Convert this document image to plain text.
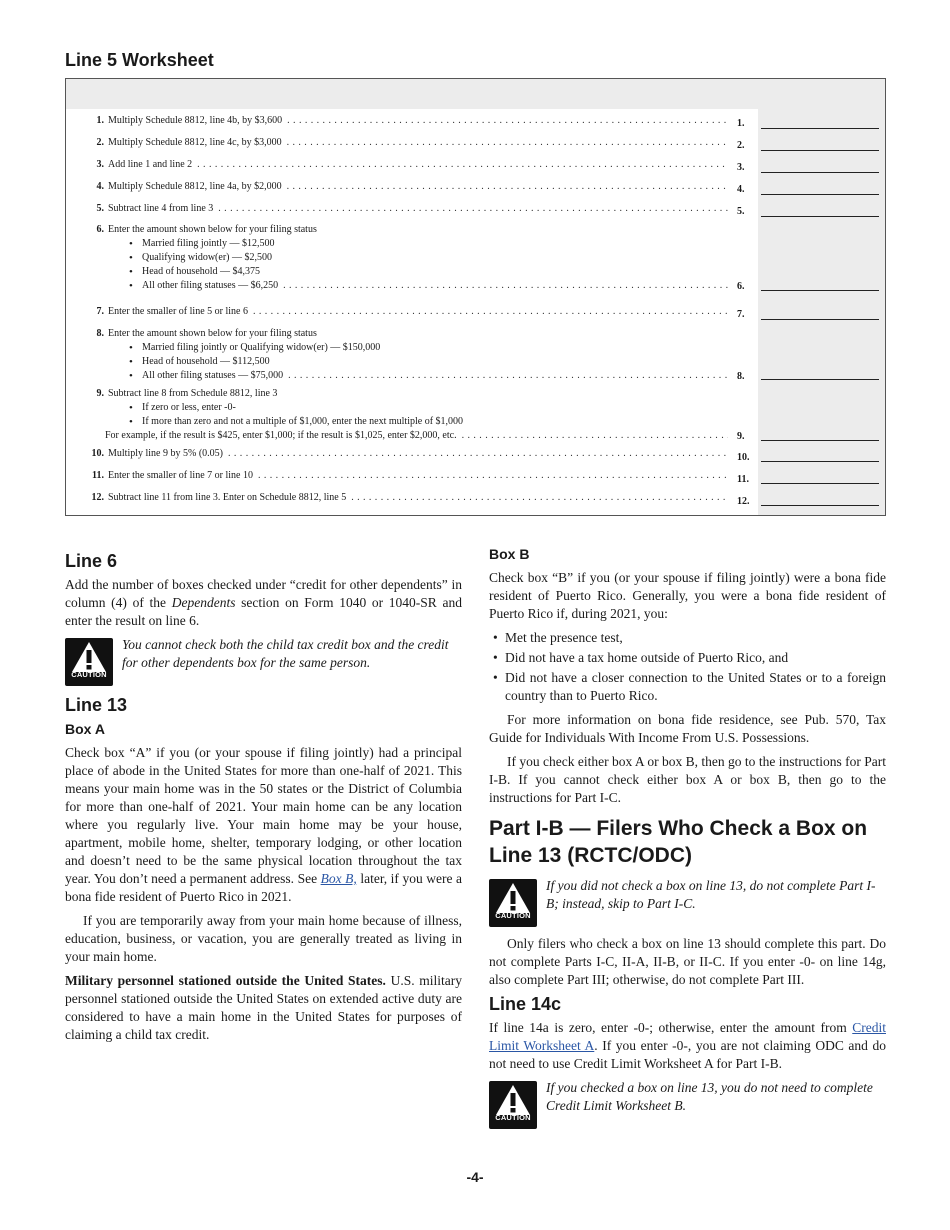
Line 5 Worksheet
1. Multiply Schedule 8812, line 4b, by $3,600 .....	1.
2. Multiply Schedule 8812, line 4c, by $3,000 .....	2.
3. Add line 1 and line 2 .....	3.
4. Multiply Schedule 8812, line 4a, by $2,000 .....	4.
5. Subtract line 4 from line 3 .....	5.
6. Enter the amount shown below for your filing status
• Married filing jointly — $12,500
• Qualifying widow(er) — $2,500
• Head of household — $4,375
• All other filing statuses — $6,250 .....	6.
7. Enter the smaller of line 5 or line 6 .....	7.
8. Enter the amount shown below for your filing status
• Married filing jointly or Qualifying widow(er) — $150,000
• Head of household — $112,500
• All other filing statuses — $75,000 .....	8.
9. Subtract line 8 from Schedule 8812, line 3
• If zero or less, enter -0-
• If more than zero and not a multiple of $1,000, enter the next multiple of $1,000
For example, if the result is $425, enter $1,000; if the result is $1,025, enter $2,000, etc. .....	9.
10. Multiply line 9 by 5% (0.05) .....	10.
11. Enter the smaller of line 7 or line 10 .....	11.
12. Subtract line 11 from line 3. Enter on Schedule 8812, line 5 .....	12.
Line 6

Add the number of boxes checked under “credit for other dependents” in column (4) of the Dependents section on Form 1040 or 1040-SR and enter the result on line 6.

CAUTION
You cannot check both the child tax credit box and the credit for other dependents box for the same person.
Line 13
Box A

Check box “A” if you (or your spouse if filing jointly) had a principal place of abode in the United States for more than one-half of 2021. This means your main home was in the 50 states or the District of Columbia for more than one-half of 2021. Your main home can be any location where you regularly live. Your main home may be your house, apartment, mobile home, shelter, temporary lodging, or other location and doesn’t need to be the same physical location throughout the tax year. You don’t need a permanent address. See Box B, later, if you were a bona fide resident of Puerto Rico in 2021.

If you are temporarily away from your main home because of illness, education, business, or vacation, you are generally treated as living in your main home.

Military personnel stationed outside the United States. U.S. military personnel stationed outside the United States on extended active duty are considered to have a main home in the United States for purposes of claiming a child tax credit.

Box B

Check box “B” if you (or your spouse if filing jointly) were a bona fide resident of Puerto Rico. Generally, you were a bona fide resident of Puerto Rico if, during 2021, you:

• Met the presence test,
• Did not have a tax home outside of Puerto Rico, and
• Did not have a closer connection to the United States or to a foreign country than to Puerto Rico.

For more information on bona fide residence, see Pub. 570, Tax Guide for Individuals With Income From U.S. Possessions.

If you check either box A or box B, then go to the instructions for Part I-B. If you cannot check either box A or box B, then go to the instructions for Part I-C.

Part I-B — Filers Who Check a Box on Line 13 (RCTC/ODC)
CAUTION
If you did not check a box on line 13, do not complete Part I-B; instead, skip to Part I-C.

Only filers who check a box on line 13 should complete this part. Do not complete Parts I-C, II-A, II-B, or II-C. If you enter -0- on line 14g, also complete Part III; otherwise, do not complete Part III.

Line 14c

If line 14a is zero, enter -0-; otherwise, enter the amount from Credit Limit Worksheet A. If you enter -0-, you are not claiming ODC and do not need to use Credit Limit Worksheet A for Part I-B.

CAUTION
If you checked a box on line 13, you do not need to complete Credit Limit Worksheet B.
-4-
